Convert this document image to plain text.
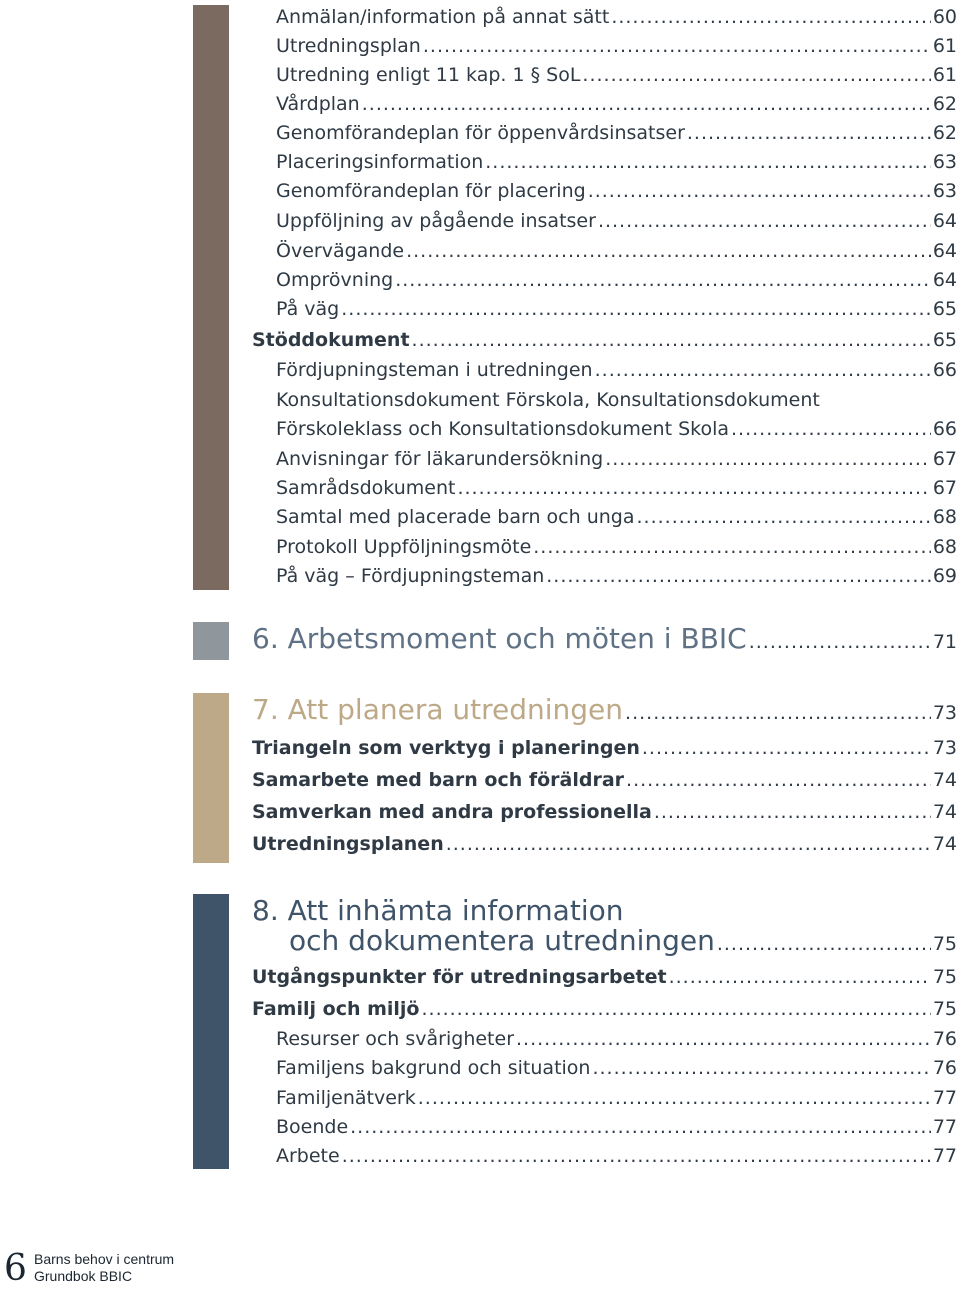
Anmälan/information på annat sätt .....	60
Utredningsplan .....	61
Utredning enligt 11 kap. 1 § SoL .....	61
Vårdplan .....	62
Genomförandeplan för öppenvårdsinsatser .....	62
Placeringsinformation .....	63
Genomförandeplan för placering .....	63
Uppföljning av pågående insatser .....	64
Övervägande .....	64
Omprövning .....	64
På väg .....	65
Stöddokument .....	65
Fördjupningsteman i utredningen .....	66
Konsultationsdokument Förskola, Konsultationsdokument
Förskoleklass och Konsultationsdokument Skola .....	66
Anvisningar för läkarundersökning .....	67
Samrådsdokument .....	67
Samtal med placerade barn och unga .....	68
Protokoll Uppföljningsmöte .....	68
På väg – Fördjupningsteman .....	69
6. Arbetsmoment och möten i BBIC .....	71
7. Att planera utredningen .....	73
Triangeln som verktyg i planeringen .....	73
Samarbete med barn och föräldrar .....	74
Samverkan med andra professionella .....	74
Utredningsplanen .....	74
8. Att inhämta information
och dokumentera utredningen .....	75
Utgångspunkter för utredningsarbetet .....	75
Familj och miljö .....	75
Resurser och svårigheter .....	76
Familjens bakgrund och situation .....	76
Familjenätverk .....	77
Boende .....	77
Arbete .....	77
6 Barns behov i centrum
Grundbok BBIC
